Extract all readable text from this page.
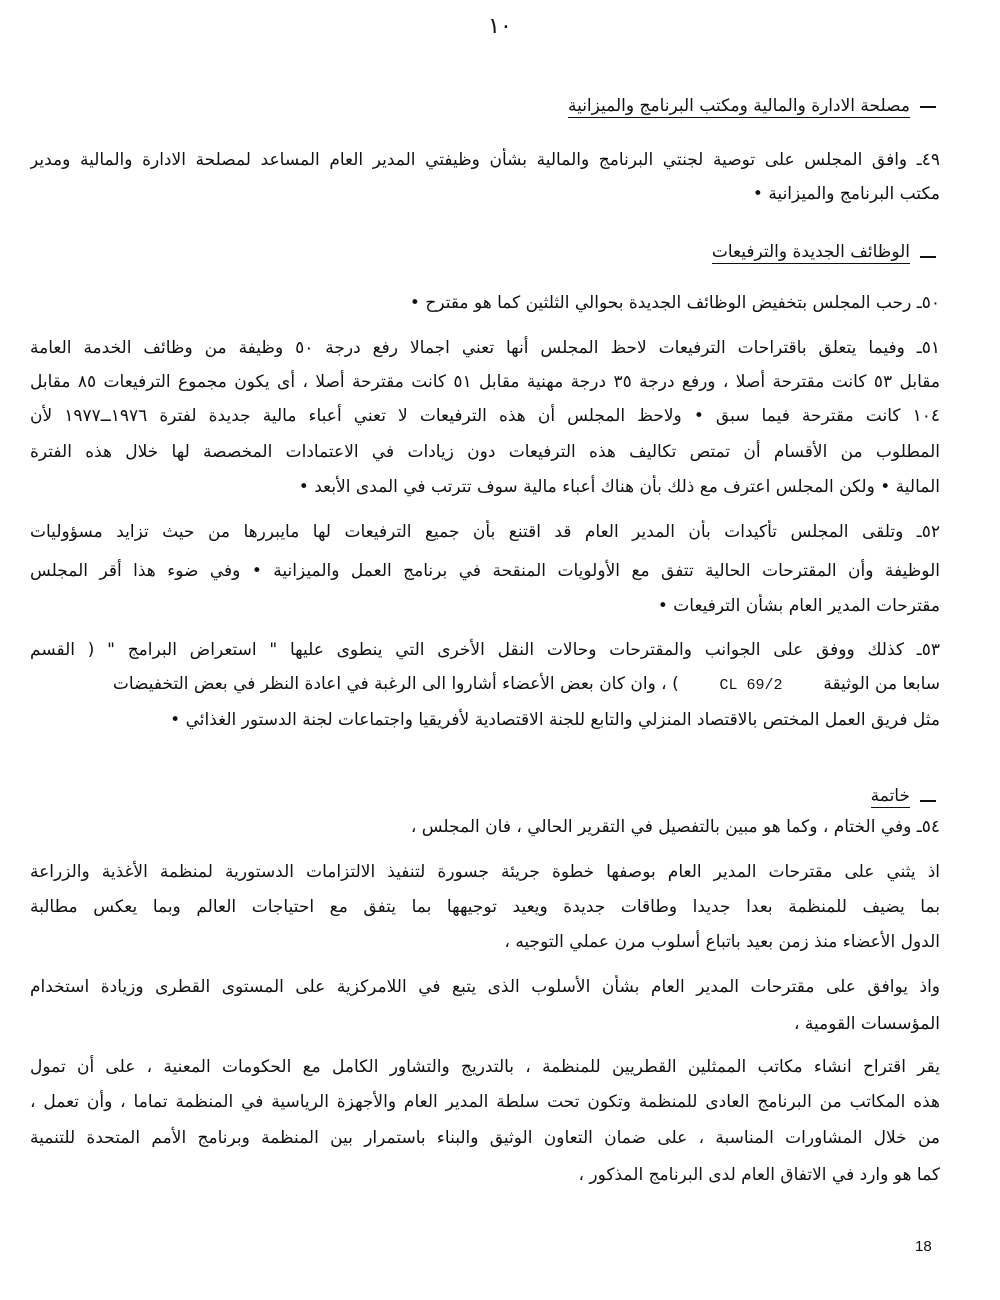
١٠
مصلحة الادارة والمالية ومكتب البرنامج والميزانية
٤٩ـ وافق المجلس على توصية لجنتي البرنامج والمالية بشأن وظيفتي المدير العام المساعد لمصلحة الادارة والمالية ومدير
مكتب البرنامج والميزانية •
الوظائف الجديدة والترفيعات
٥٠ـ رحب المجلس بتخفيض الوظائف الجديدة بحوالي الثلثين كما هو مقترح •
٥١ـ وفيما يتعلق باقتراحات الترفيعات لاحظ المجلس أنها تعني اجمالا رفع درجة ٥٠ وظيفة من وظائف الخدمة العامة
مقابل ٥٣ كانت مقترحة أصلا ، ورفع درجة ٣٥ درجة مهنية مقابل ٥١ كانت مقترحة أصلا ، أى يكون مجموع الترفيعات ٨٥ مقابل
١٠٤ كانت مقترحة فيما سبق • ولاحظ المجلس أن هذه الترفيعات لا تعني أعباء مالية جديدة لفترة ١٩٧٦ــ١٩٧٧ لأن
المطلوب من الأقسام أن تمتص تكاليف هذه الترفيعات دون زيادات في الاعتمادات المخصصة لها خلال هذه الفترة
المالية • ولكن المجلس اعترف مع ذلك بأن هناك أعباء مالية سوف تترتب في المدى الأبعد •
٥٢ـ وتلقى المجلس تأكيدات بأن المدير العام قد اقتنع بأن جميع الترفيعات لها مايبررها من حيث تزايد مسؤوليات
الوظيفة وأن المقترحات الحالية تتفق مع الأولويات المنقحة في برنامج العمل والميزانية • وفي ضوء هذا أقر المجلس
مقترحات المدير العام بشأن الترفيعات •
٥٣ـ كذلك ووفق على الجوانب والمقترحات وحالات النقل الأخرى التي ينطوى عليها " استعراض البرامج " ( القسم
سابعا من الوثيقة  CL 69/2  ) ، وان كان بعض الأعضاء أشاروا الى الرغبة في اعادة النظر في بعض التخفيضات
مثل فريق العمل المختص بالاقتصاد المنزلي والتابع للجنة الاقتصادية لأفريقيا واجتماعات لجنة الدستور الغذائي •
خاتمة
٥٤ـ وفي الختام ، وكما هو مبين بالتفصيل في التقرير الحالي ، فان المجلس ،
اذ يثني على مقترحات المدير العام بوصفها خطوة جريئة جسورة لتنفيذ الالتزامات الدستورية لمنظمة الأغذية والزراعة
بما يضيف للمنظمة بعدا جديدا وطاقات جديدة ويعيد توجيهها بما يتفق مع احتياجات العالم وبما يعكس مطالبة
الدول الأعضاء منذ زمن بعيد باتباع أسلوب مرن عملي التوجيه ،
واذ يوافق على مقترحات المدير العام بشأن الأسلوب الذى يتبع في اللامركزية على المستوى القطرى وزيادة استخدام
المؤسسات القومية ،
يقر اقتراح انشاء مكاتب الممثلين القطريين للمنظمة ، بالتدريج والتشاور الكامل مع الحكومات المعنية ، على أن تمول
هذه المكاتب من البرنامج العادى للمنظمة وتكون تحت سلطة المدير العام والأجهزة الرياسية في المنظمة تماما ، وأن تعمل ،
من خلال المشاورات المناسبة ، على ضمان التعاون الوثيق والبناء باستمرار بين المنظمة وبرنامج الأمم المتحدة للتنمية
كما هو وارد في الاتفاق العام لدى البرنامج المذكور ،
18
